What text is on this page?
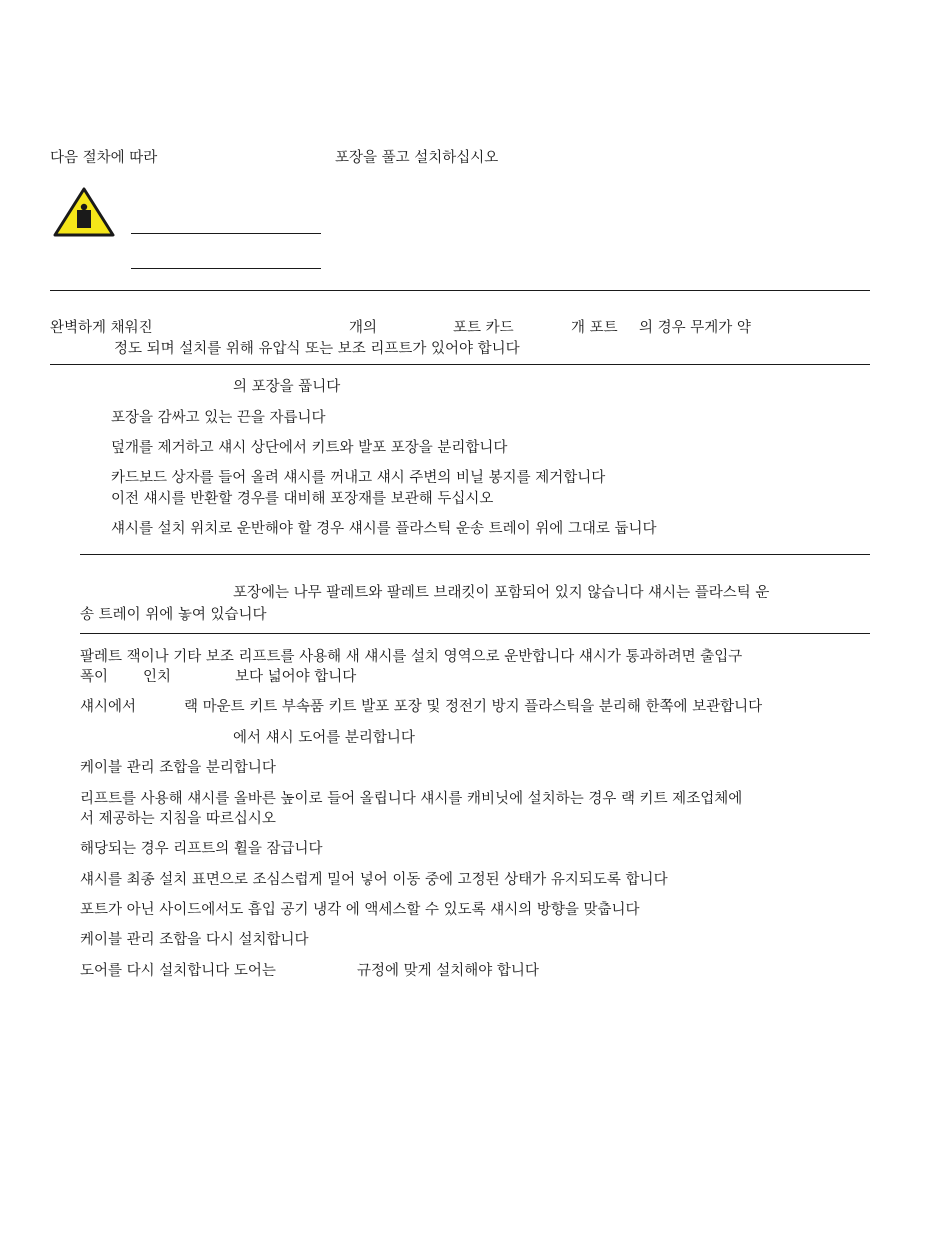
다음 절차에 따라	포장을 풀고 설치하십시오
완벽하게 채워진	개의	포트 카드	개 포트 의 경우 무게가 약
정도 되며 설치를 위해 유압식 또는 보조 리프트가 있어야 합니다
의 포장을 풉니다
포장을 감싸고 있는 끈을 자릅니다
덮개를 제거하고 섀시 상단에서 키트와 발포 포장을 분리합니다
카드보드 상자를 들어 올려 섀시를 꺼내고 섀시 주변의 비닐 봉지를 제거합니다
이전 섀시를 반환할 경우를 대비해 포장재를 보관해 두십시오
섀시를 설치 위치로 운반해야 할 경우 섀시를 플라스틱 운송 트레이 위에 그대로 둡니다
포장에는 나무 팔레트와 팔레트 브래킷이 포함되어 있지 않습니다 섀시는 플라스틱 운
송 트레이 위에 놓여 있습니다
팔레트 잭이나 기타 보조 리프트를 사용해 새 섀시를 설치 영역으로 운반합니다 섀시가 통과하려면 출입구
폭이 인치	보다 넓어야 합니다
섀시에서	랙 마운트 키트 부속품 키트 발포 포장 및 정전기 방지 플라스틱을 분리해 한쪽에 보관합니다
에서 섀시 도어를 분리합니다
케이블 관리 조합을 분리합니다
리프트를 사용해 섀시를 올바른 높이로 들어 올립니다 섀시를 캐비닛에 설치하는 경우 랙 키트 제조업체에
서 제공하는 지침을 따르십시오
해당되는 경우 리프트의 휠을 잠급니다
섀시를 최종 설치 표면으로 조심스럽게 밀어 넣어 이동 중에 고정된 상태가 유지되도록 합니다
포트가 아닌 사이드에서도 흡입 공기 냉각 에 액세스할 수 있도록 섀시의 방향을 맞춥니다
케이블 관리 조합을 다시 설치합니다
도어를 다시 설치합니다 도어는	규정에 맞게 설치해야 합니다
